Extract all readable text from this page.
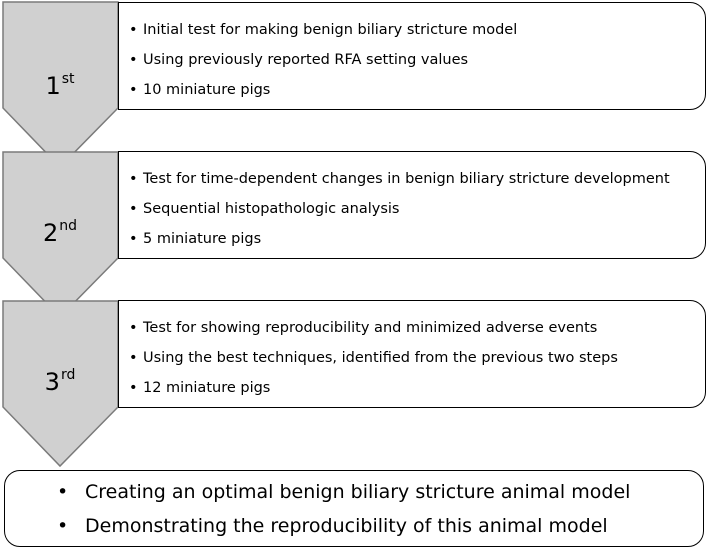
1st
• Initial test for making benign biliary stricture model
• Using previously reported RFA setting values
• 10 miniature pigs
2nd
• Test for time-dependent changes in benign biliary stricture development
• Sequential histopathologic analysis
• 5 miniature pigs
3rd
• Test for showing reproducibility and minimized adverse events
• Using the best techniques, identified from the previous two steps
• 12 miniature pigs
• Creating an optimal benign biliary stricture animal model
• Demonstrating the reproducibility of this animal model
